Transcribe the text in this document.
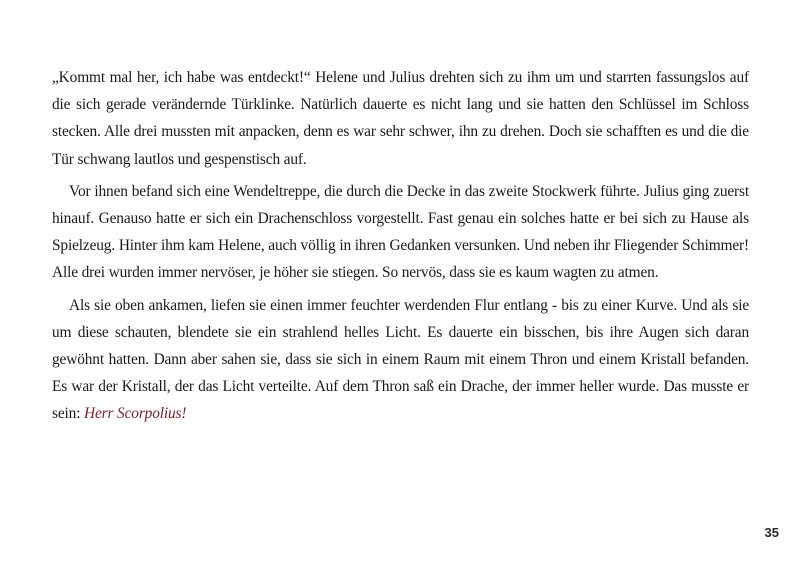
„Kommt mal her, ich habe was entdeckt!“ Helene und Julius drehten sich zu ihm um und starrten fassungslos auf die sich gerade verändernde Türklinke. Natürlich dauerte es nicht lang und sie hatten den Schlüssel im Schloss stecken. Alle drei mussten mit anpacken, denn es war sehr schwer, ihn zu drehen. Doch sie schafften es und die die Tür schwang lautlos und gespenstisch auf.

Vor ihnen befand sich eine Wendeltreppe, die durch die Decke in das zweite Stockwerk führte. Julius ging zuerst hinauf. Genauso hatte er sich ein Drachenschloss vorgestellt. Fast genau ein solches hatte er bei sich zu Hause als Spielzeug. Hinter ihm kam Helene, auch völlig in ihren Gedanken versunken. Und neben ihr Fliegender Schimmer! Alle drei wurden immer nervöser, je höher sie stiegen. So nervös, dass sie es kaum wagten zu atmen.

Als sie oben ankamen, liefen sie einen immer feuchter werdenden Flur entlang - bis zu einer Kurve. Und als sie um diese schauten, blendete sie ein strahlend helles Licht. Es dauerte ein bisschen, bis ihre Augen sich daran gewöhnt hatten. Dann aber sahen sie, dass sie sich in einem Raum mit einem Thron und einem Kristall befanden. Es war der Kristall, der das Licht verteilte. Auf dem Thron saß ein Drache, der immer heller wurde. Das musste er sein: Herr Scorpolius!

35
